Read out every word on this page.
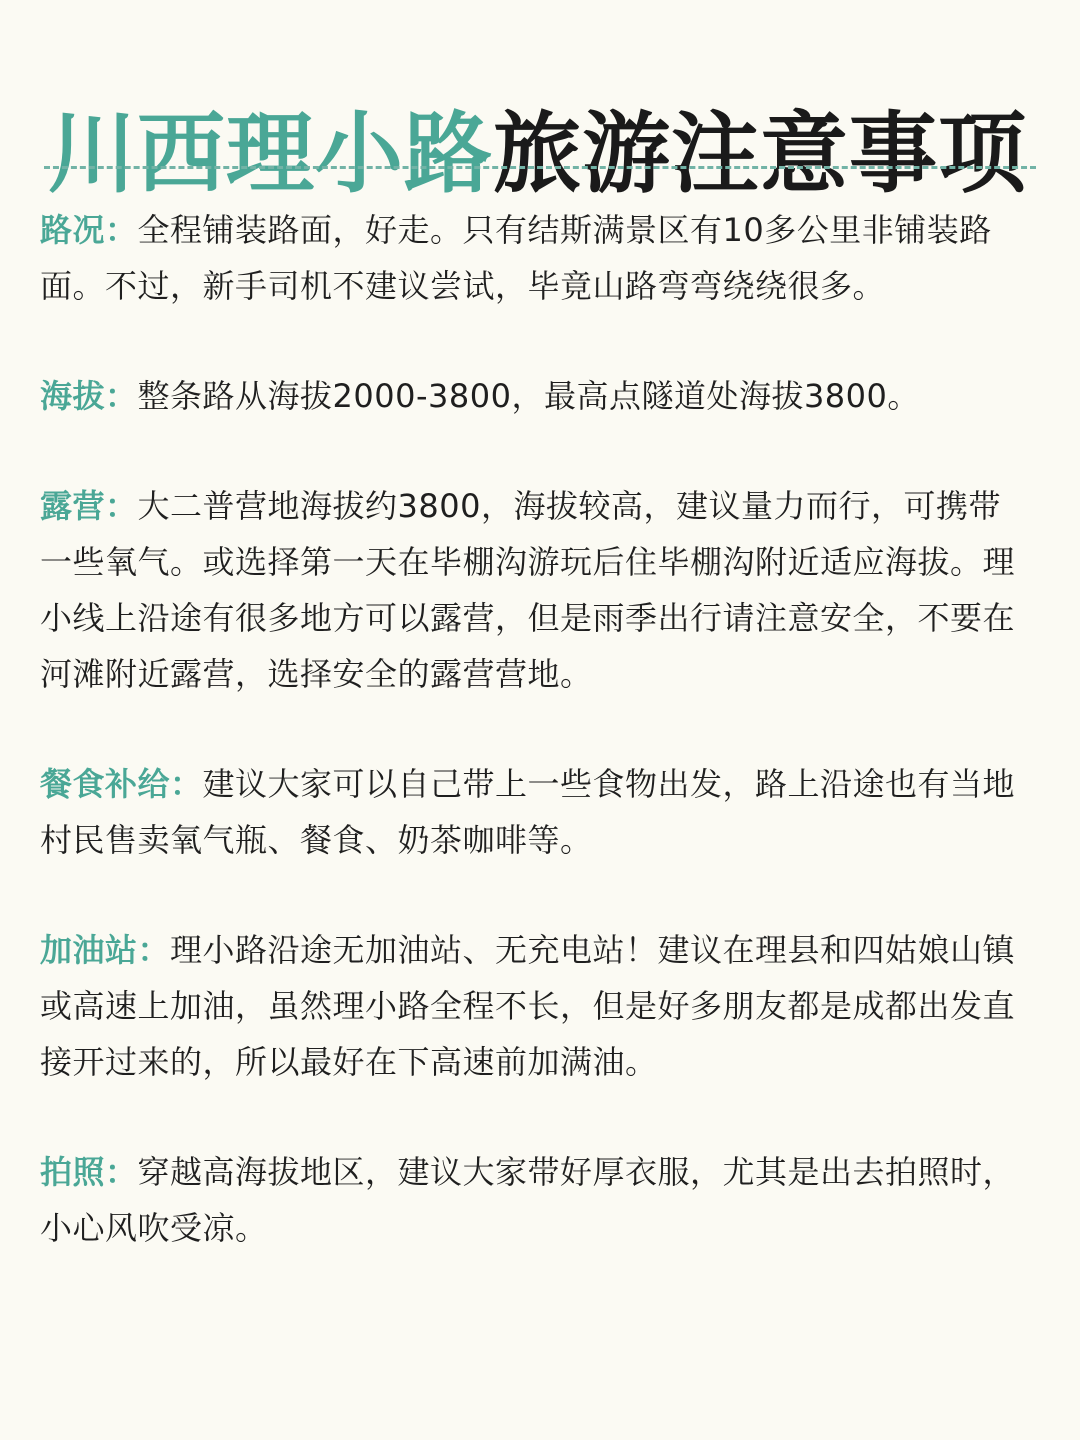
川西理小路旅游注意事项

路况：全程铺装路面，好走。只有结斯满景区有10多公里非铺装路面。不过，新手司机不建议尝试，毕竟山路弯弯绕绕很多。

海拔：整条路从海拔2000-3800，最高点隧道处海拔3800。

露营：大二普营地海拔约3800，海拔较高，建议量力而行，可携带一些氧气。或选择第一天在毕棚沟游玩后住毕棚沟附近适应海拔。理小线上沿途有很多地方可以露营，但是雨季出行请注意安全，不要在河滩附近露营，选择安全的露营营地。

餐食补给：建议大家可以自己带上一些食物出发，路上沿途也有当地村民售卖氧气瓶、餐食、奶茶咖啡等。

加油站：理小路沿途无加油站、无充电站！建议在理县和四姑娘山镇或高速上加油，虽然理小路全程不长，但是好多朋友都是成都出发直接开过来的，所以最好在下高速前加满油。

拍照：穿越高海拔地区，建议大家带好厚衣服，尤其是出去拍照时，小心风吹受凉。
